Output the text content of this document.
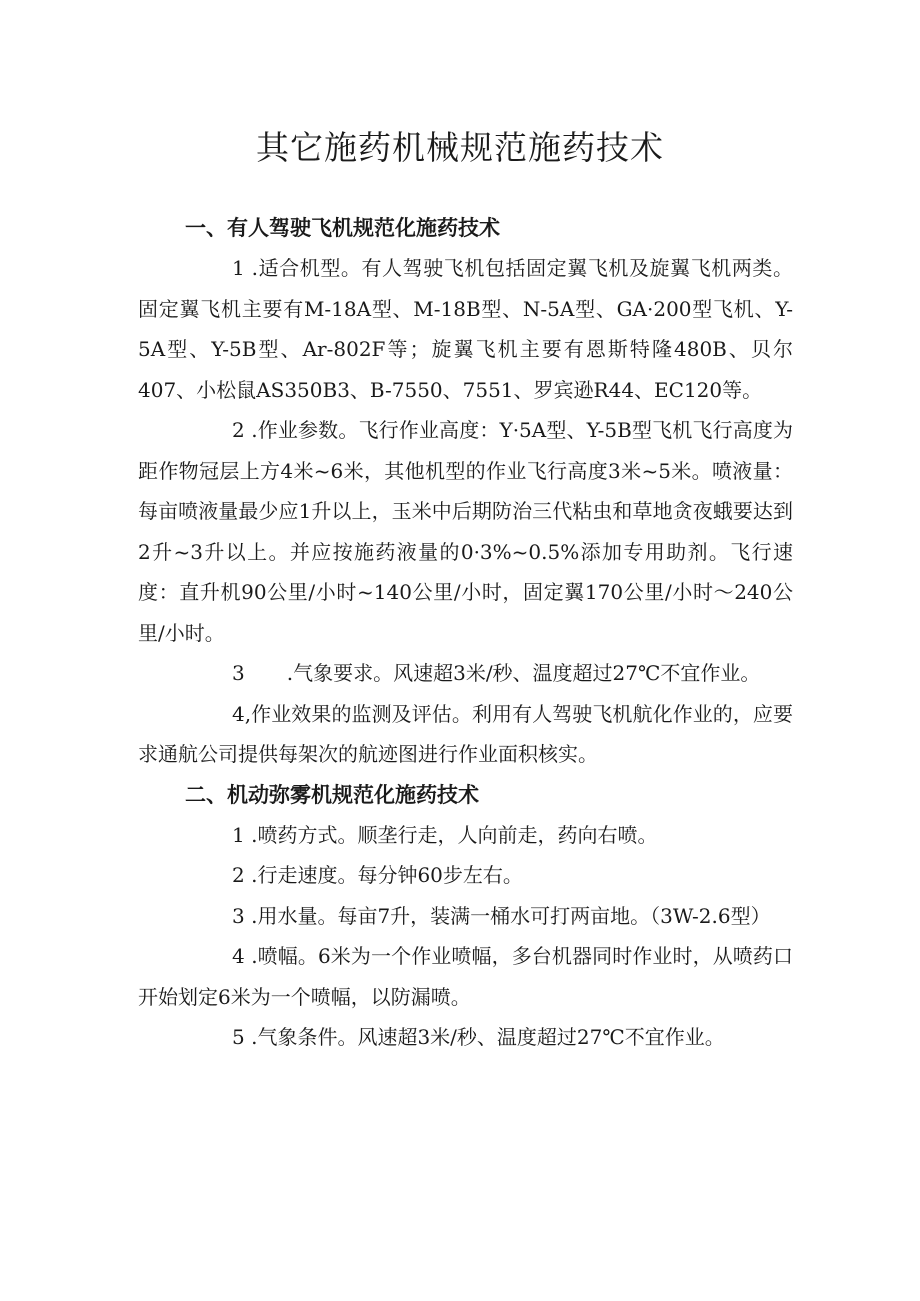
其它施药机械规范施药技术
一、有人驾驶飞机规范化施药技术

1 .适合机型。有人驾驶飞机包括固定翼飞机及旋翼飞机两类。固定翼飞机主要有M-18A型、M-18B型、N-5A型、GA·200型飞机、Y-5A型、Y-5B型、Ar-802F等；旋翼飞机主要有恩斯特隆480B、贝尔407、小松鼠AS350B3、B-7550、7551、罗宾逊R44、EC120等。

2 .作业参数。飞行作业高度：Y·5A型、Y-5B型飞机飞行高度为距作物冠层上方4米~6米，其他机型的作业飞行高度3米~5米。喷液量：每亩喷液量最少应1升以上，玉米中后期防治三代粘虫和草地贪夜蛾要达到2升~3升以上。并应按施药液量的0·3%~0.5%添加专用助剂。飞行速度：直升机90公里/小时~140公里/小时，固定翼170公里/小时～240公里/小时。

3 .气象要求。风速超3米/秒、温度超过27℃不宜作业。

4,作业效果的监测及评估。利用有人驾驶飞机航化作业的，应要求通航公司提供每架次的航迹图进行作业面积核实。

二、机动弥雾机规范化施药技术

1 .喷药方式。顺垄行走，人向前走，药向右喷。

2 .行走速度。每分钟60步左右。

3 .用水量。每亩7升，装满一桶水可打两亩地。（3W-2.6型）

4 .喷幅。6米为一个作业喷幅，多台机器同时作业时，从喷药口开始划定6米为一个喷幅，以防漏喷。

5 .气象条件。风速超3米/秒、温度超过27℃不宜作业。
